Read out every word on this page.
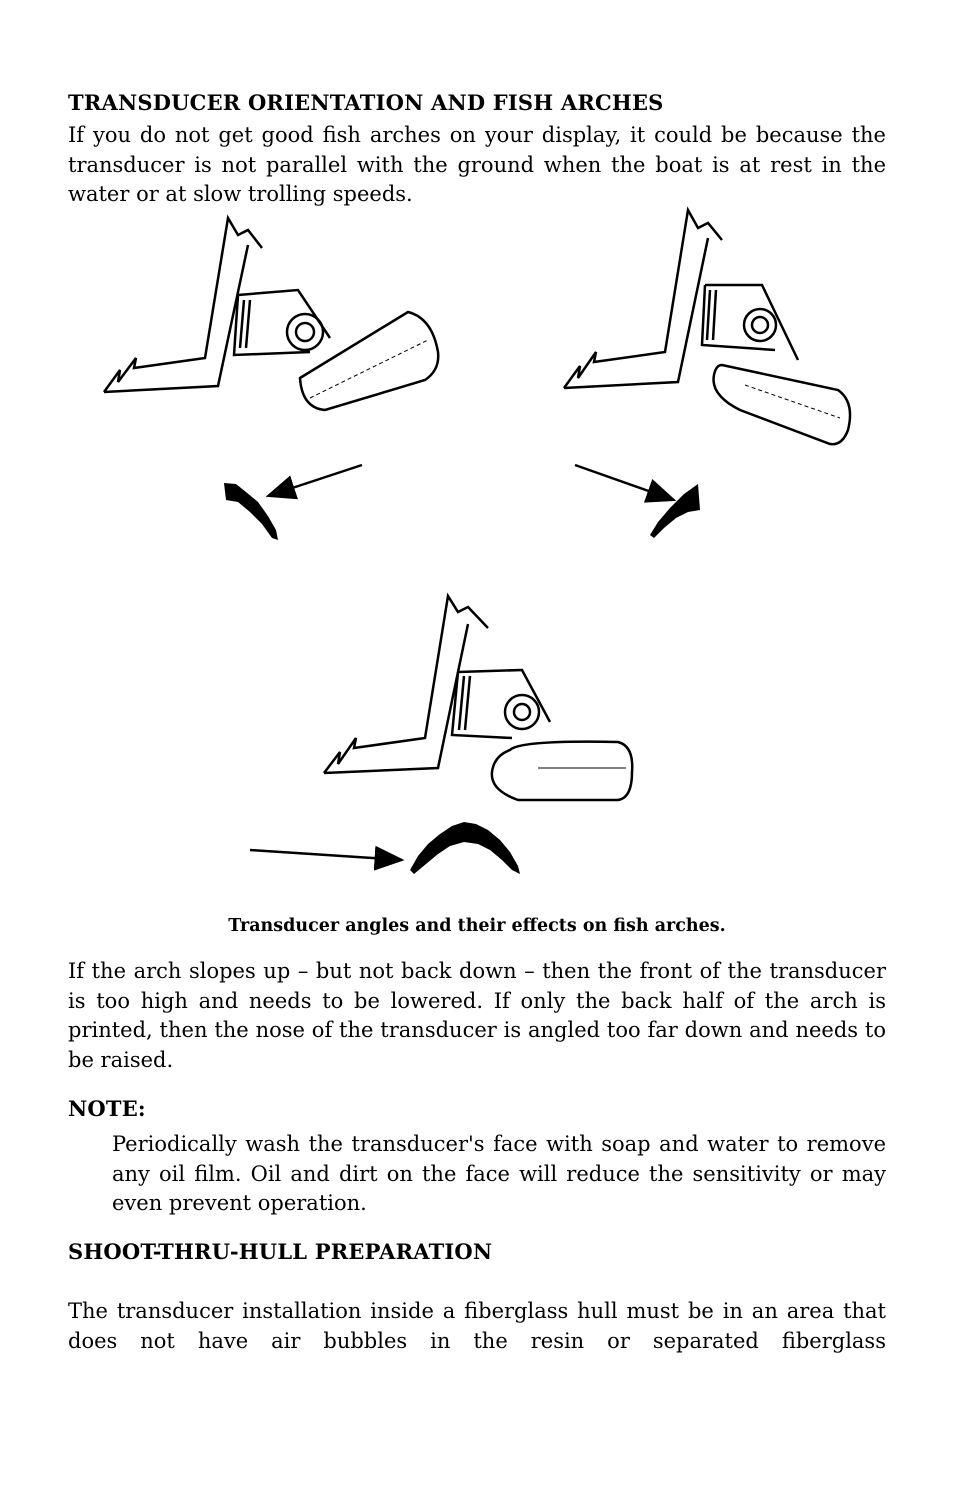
TRANSDUCER ORIENTATION AND FISH ARCHES
If you do not get good fish arches on your display, it could be because the transducer is not parallel with the ground when the boat is at rest in the water or at slow trolling speeds.
Transducer angles and their effects on fish arches.
If the arch slopes up – but not back down – then the front of the transducer is too high and needs to be lowered. If only the back half of the arch is printed, then the nose of the transducer is angled too far down and needs to be raised.
NOTE:
Periodically wash the transducer's face with soap and water to remove any oil film. Oil and dirt on the face will reduce the sensitivity or may even prevent operation.
SHOOT-THRU-HULL PREPARATION
The transducer installation inside a fiberglass hull must be in an area that does not have air bubbles in the resin or separated fiberglass
